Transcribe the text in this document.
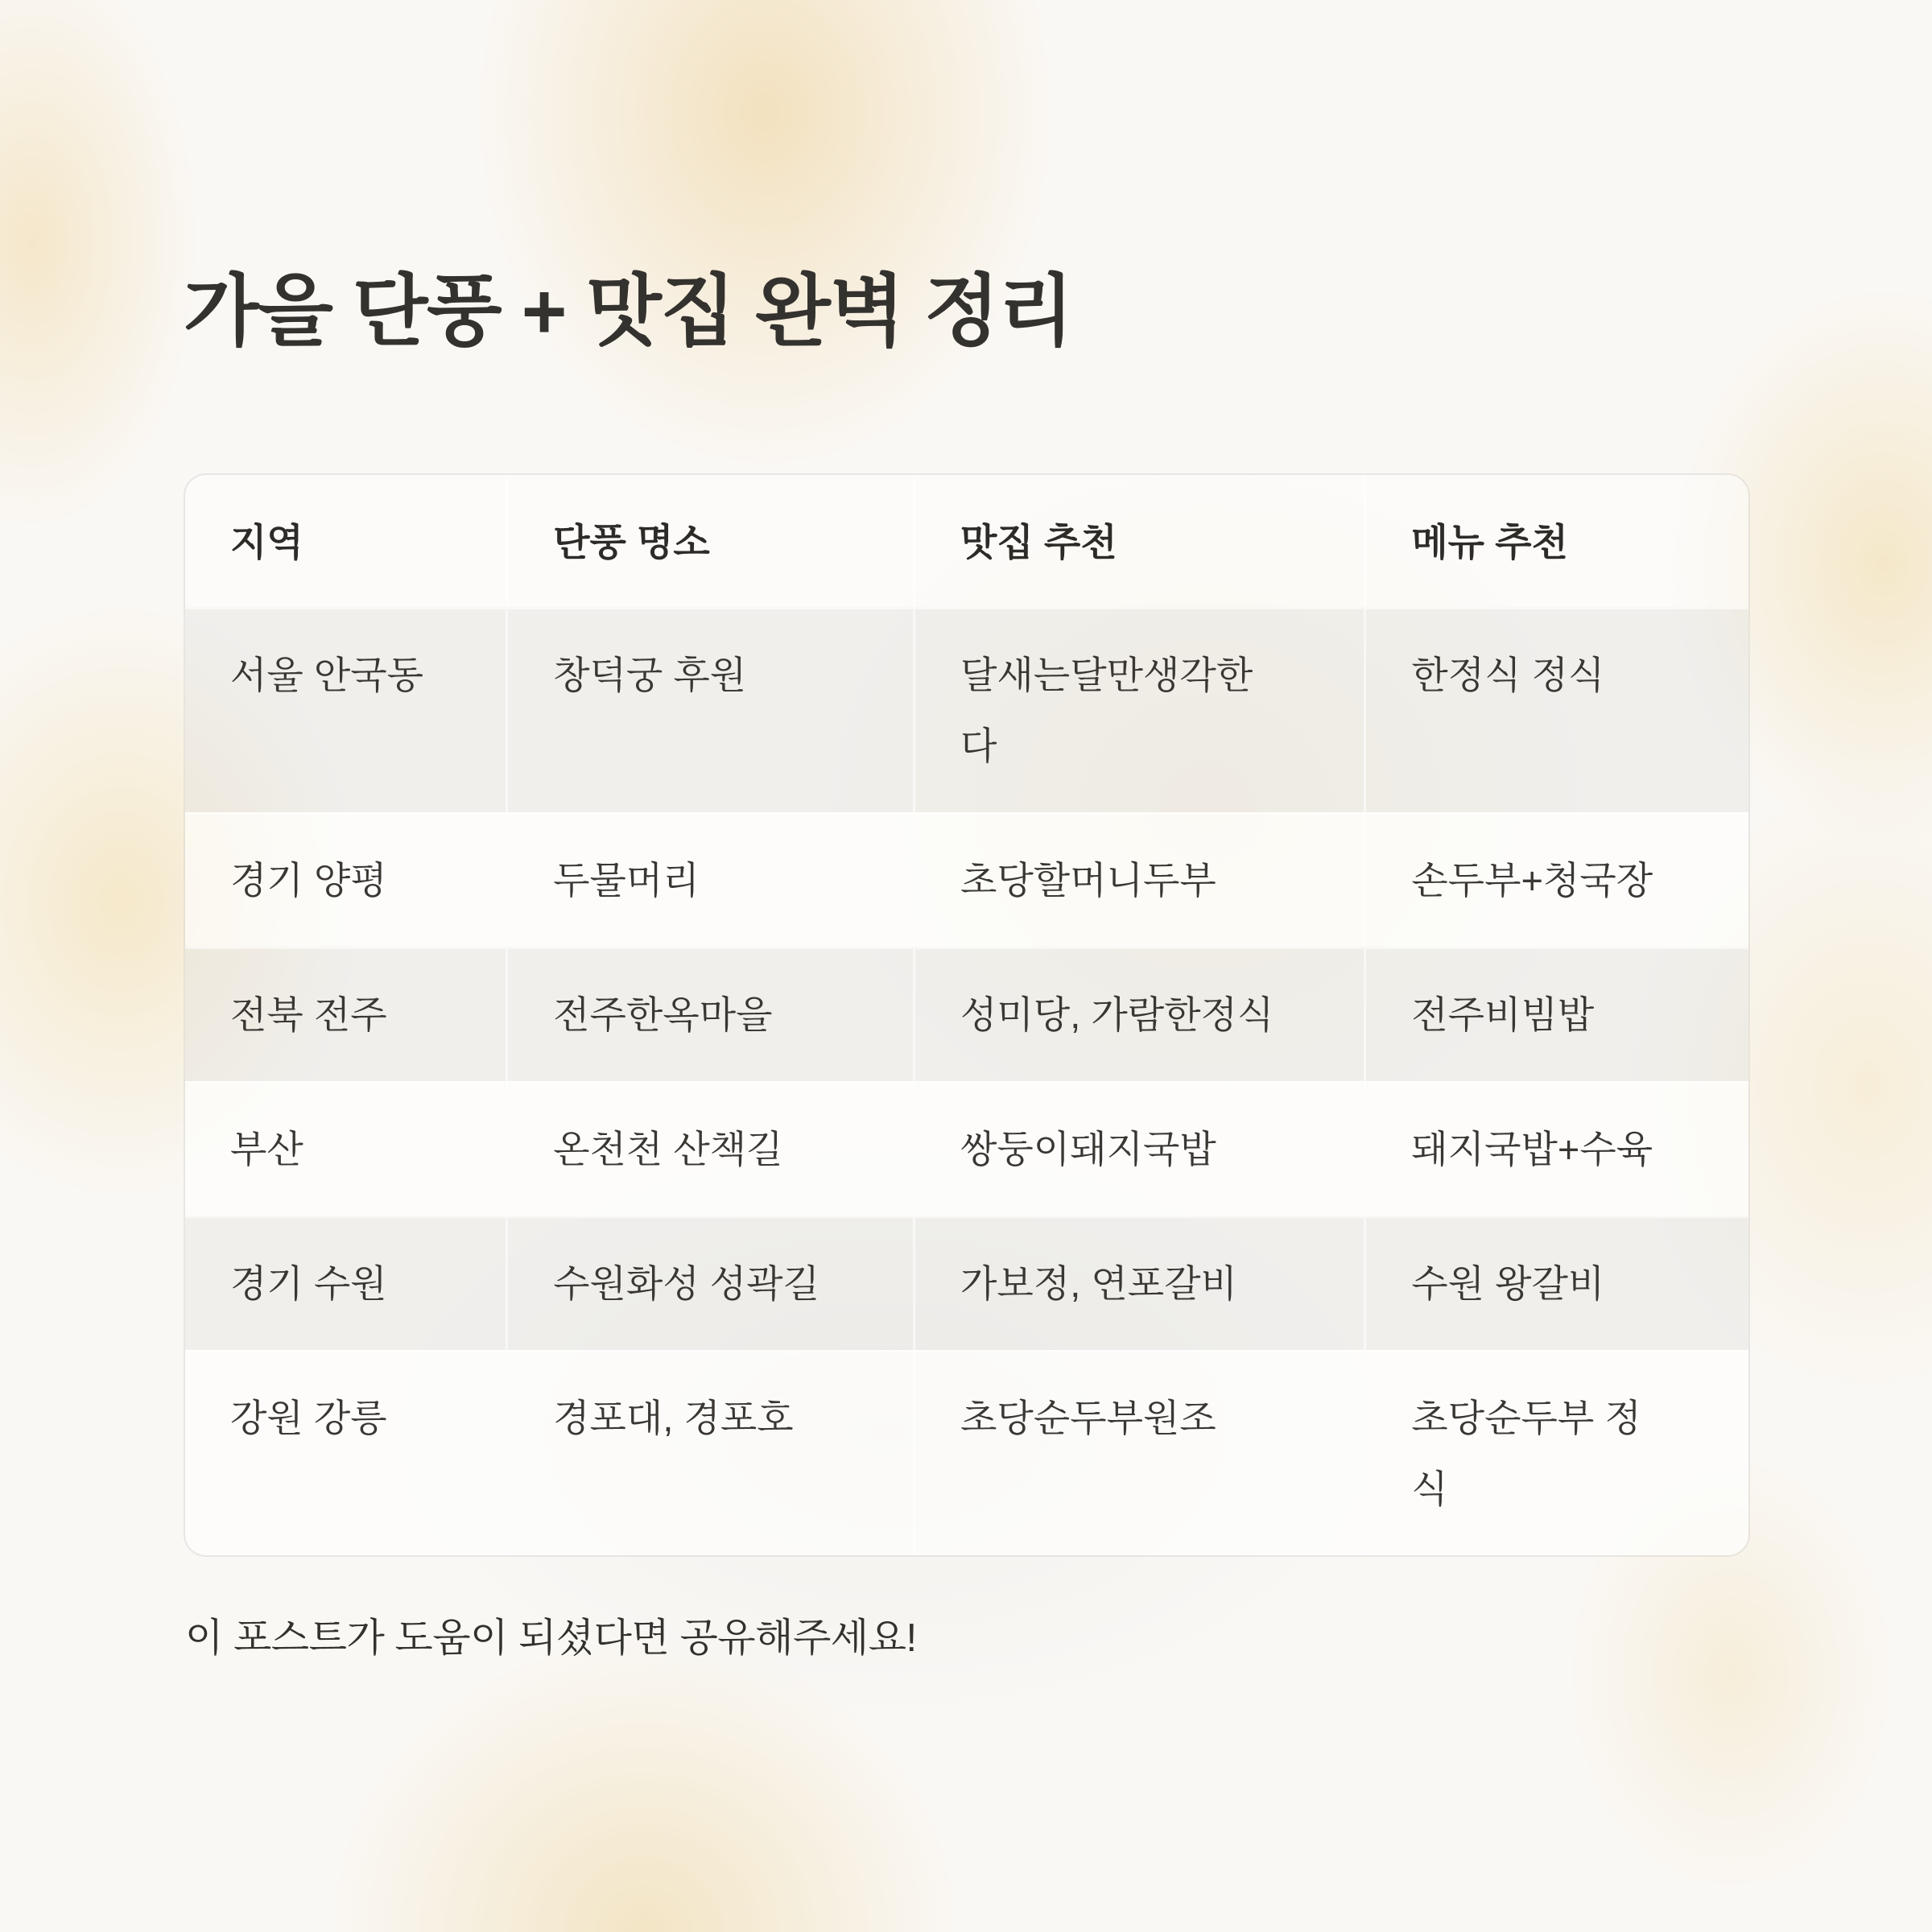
가을 단풍 + 맛집 완벽 정리
지역	단풍 명소	맛집 추천	메뉴 추천
서울 안국동	창덕궁 후원	달새는달만생각한다	한정식 정식
경기 양평	두물머리	초당할머니두부	손두부+청국장
전북 전주	전주한옥마을	성미당, 가람한정식	전주비빔밥
부산	온천천 산책길	쌍둥이돼지국밥	돼지국밥+수육
경기 수원	수원화성 성곽길	가보정, 연포갈비	수원 왕갈비
강원 강릉	경포대, 경포호	초당순두부원조	초당순두부 정식

이 포스트가 도움이 되셨다면 공유해주세요!
